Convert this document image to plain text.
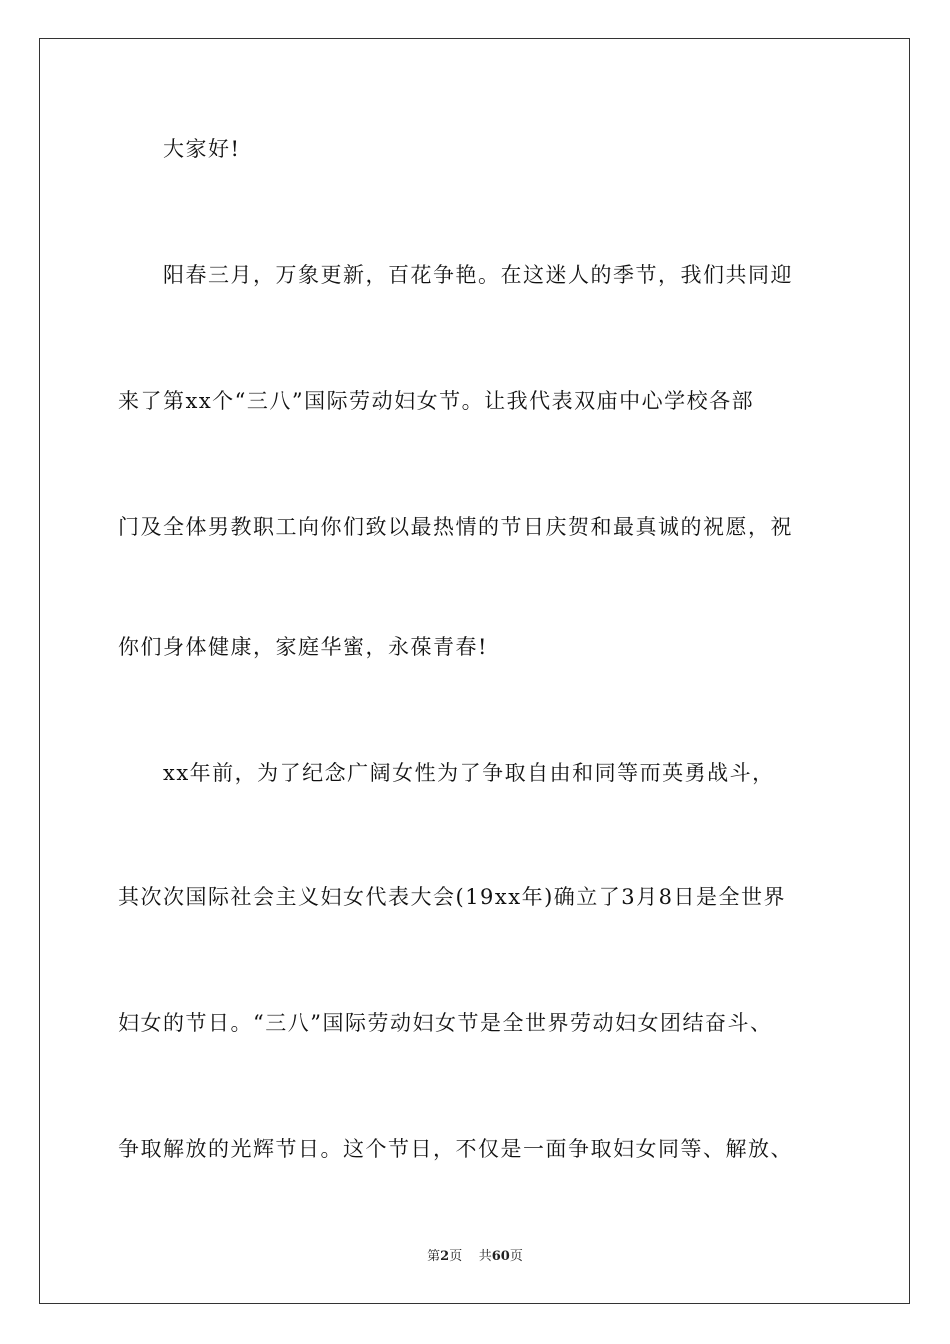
大家好!
阳春三月，万象更新，百花争艳。在这迷人的季节，我们共同迎
来了第xx个“三八”国际劳动妇女节。让我代表双庙中心学校各部
门及全体男教职工向你们致以最热情的节日庆贺和最真诚的祝愿，祝
你们身体健康，家庭华蜜，永葆青春!
xx年前，为了纪念广阔女性为了争取自由和同等而英勇战斗，
其次次国际社会主义妇女代表大会(19xx年)确立了3月8日是全世界
妇女的节日。“三八”国际劳动妇女节是全世界劳动妇女团结奋斗、
争取解放的光辉节日。这个节日，不仅是一面争取妇女同等、解放、
第2页 共60页
